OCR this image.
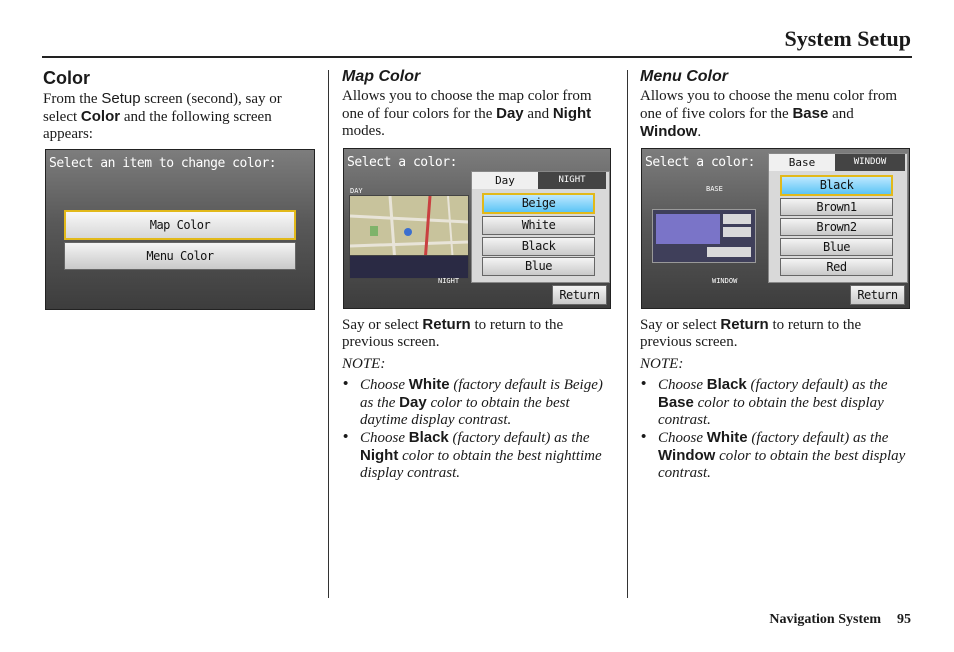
System Setup
Color

From the Setup screen (second), say or select Color and the following screen appears:

Select an item to change color:
Map Color
Menu Color
Map Color

Allows you to choose the map color from one of four colors for the Day and Night modes.

Select a color:
DAY
NIGHT
Day	NIGHT
Beige
White
Black
Blue
Return

Say or select Return to return to the previous screen.

NOTE:
• Choose White (factory default is Beige) as the Day color to obtain the best daytime display contrast.
• Choose Black (factory default) as the Night color to obtain the best nighttime display contrast.
Menu Color

Allows you to choose the menu color from one of five colors for the Base and Window.

Select a color:
BASE
WINDOW
Base	WINDOW
Black
Brown1
Brown2
Blue
Red
Return

Say or select Return to return to the previous screen.

NOTE:
• Choose Black (factory default) as the Base color to obtain the best display contrast.
• Choose White (factory default) as the Window color to obtain the best display contrast.
Navigation System 95
